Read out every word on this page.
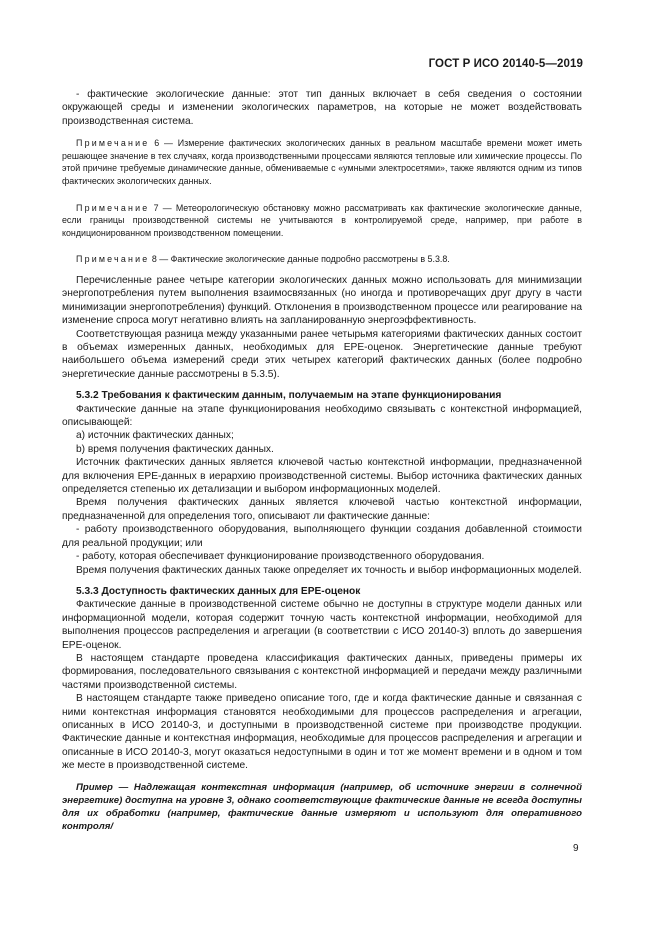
ГОСТ Р ИСО 20140-5—2019

- фактические экологические данные: этот тип данных включает в себя сведения о состоянии окружающей среды и изменении экологических параметров, на которые не может воздействовать производственная система.

Примечание 6 — Измерение фактических экологических данных в реальном масштабе времени может иметь решающее значение в тех случаях, когда производственными процессами являются тепловые или химические процессы. По этой причине требуемые динамические данные, обмениваемые с «умными электросетями», также являются одним из типов фактических экологических данных.

Примечание 7 — Метеорологическую обстановку можно рассматривать как фактические экологические данные, если границы производственной системы не учитываются в контролируемой среде, например, при работе в кондиционированном производственном помещении.

Примечание 8 — Фактические экологические данные подробно рассмотрены в 5.3.8.

Перечисленные ранее четыре категории экологических данных можно использовать для минимизации энергопотребления путем выполнения взаимосвязанных (но иногда и противоречащих друг другу в части минимизации энергопотребления) функций. Отклонения в производственном процессе или реагирование на изменение спроса могут негативно влиять на запланированную энергоэффективность.

Соответствующая разница между указанными ранее четырьмя категориями фактических данных состоит в объемах измеренных данных, необходимых для EPE-оценок. Энергетические данные требуют наибольшего объема измерений среди этих четырех категорий фактических данных (более подробно энергетические данные рассмотрены в 5.3.5).

5.3.2 Требования к фактическим данным, получаемым на этапе функционирования

Фактические данные на этапе функционирования необходимо связывать с контекстной информацией, описывающей:

a) источник фактических данных;

b) время получения фактических данных.

Источник фактических данных является ключевой частью контекстной информации, предназначенной для включения EPE-данных в иерархию производственной системы. Выбор источника фактических данных определяется степенью их детализации и выбором информационных моделей.

Время получения фактических данных является ключевой частью контекстной информации, предназначенной для определения того, описывают ли фактические данные:

- работу производственного оборудования, выполняющего функции создания добавленной стоимости для реальной продукции; или

- работу, которая обеспечивает функционирование производственного оборудования.

Время получения фактических данных также определяет их точность и выбор информационных моделей.

5.3.3 Доступность фактических данных для EPE-оценок

Фактические данные в производственной системе обычно не доступны в структуре модели данных или информационной модели, которая содержит точную часть контекстной информации, необходимой для выполнения процессов распределения и агрегации (в соответствии с ИСО 20140-3) вплоть до завершения EPE-оценок.

В настоящем стандарте проведена классификация фактических данных, приведены примеры их формирования, последовательного связывания с контекстной информацией и передачи между различными частями производственной системы.

В настоящем стандарте также приведено описание того, где и когда фактические данные и связанная с ними контекстная информация становятся необходимыми для процессов распределения и агрегации, описанных в ИСО 20140-3, и доступными в производственной системе при производстве продукции. Фактические данные и контекстная информация, необходимые для процессов распределения и агрегации и описанные в ИСО 20140-3, могут оказаться недоступными в один и тот же момент времени и в одном и том же месте в производственной системе.

Пример — Надлежащая контекстная информация (например, об источнике энергии в солнечной энергетике) доступна на уровне 3, однако соответствующие фактические данные не всегда доступны для их обработки (например, фактические данные измеряют и используют для оперативного контроля/

9
